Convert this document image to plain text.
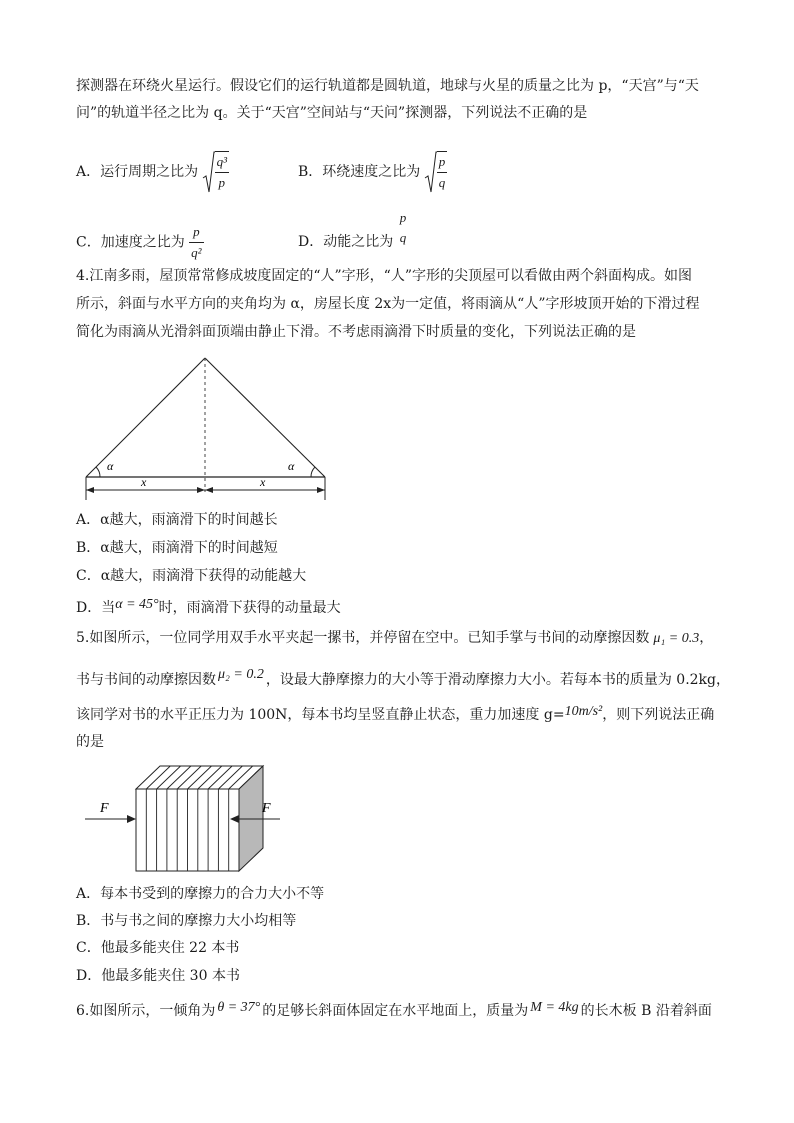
探测器在环绕火星运行。假设它们的运行轨道都是圆轨道，地球与火星的质量之比为 p，“天宫”与“天
问”的轨道半径之比为 q。关于“天宫”空间站与“天问”探测器，下列说法不正确的是
A．运行周期之比为 $\frac{\text{q³}}{p}$	B．环绕速度之比为 $\frac{p}{q}$
C．加速度之比为 $\frac{p}{\text{q²}}$	D．动能之比为
p
q
4.江南多雨，屋顶常常修成坡度固定的“人”字形，“人”字形的尖顶屋可以看做由两个斜面构成。如图
所示，斜面与水平方向的夹角均为 α，房屋长度 2x为一定值，将雨滴从“人”字形坡顶开始的下滑过程
简化为雨滴从光滑斜面顶端由静止下滑。不考虑雨滴滑下时质量的变化，下列说法正确的是
α	α
x	x
A．α越大，雨滴滑下的时间越长
B．α越大，雨滴滑下的时间越短
C．α越大，雨滴滑下获得的动能越大
D．当α = 45°时，雨滴滑下获得的动量最大
5.如图所示，一位同学用双手水平夹起一摞书，并停留在空中。已知手掌与书间的动摩擦因数 μ₁ = 0.3，
书与书间的动摩擦因数 μ₂ = 0.2 ，设最大静摩擦力的大小等于滑动摩擦力大小。若每本书的质量为 0.2kg，
该同学对书的水平正压力为 100N，每本书均呈竖直静止状态，重力加速度 g=10m/s²，则下列说法正确
的是
F	F
A．每本书受到的摩擦力的合力大小不等
B．书与书之间的摩擦力大小均相等
C．他最多能夹住 22 本书
D．他最多能夹住 30 本书
6.如图所示，一倾角为 θ = 37° 的足够长斜面体固定在水平地面上，质量为 M = 4kg 的长木板 B 沿着斜面
